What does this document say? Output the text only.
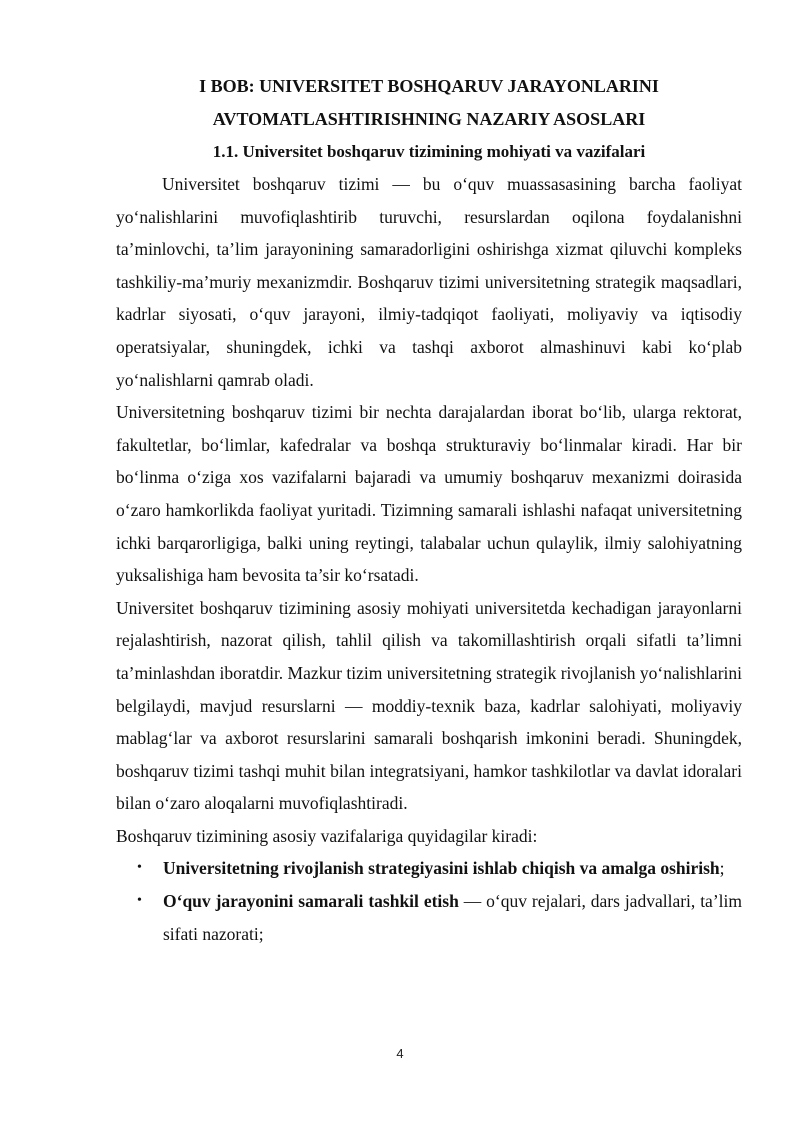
I BOB: UNIVERSITET BOSHQARUV JARAYONLARINI

AVTOMATLASHTIRISHNING NAZARIY ASOSLARI

1.1. Universitet boshqaruv tizimining mohiyati va vazifalari

Universitet boshqaruv tizimi — bu o‘quv muassasasining barcha faoliyat yo‘nalishlarini muvofiqlashtirib turuvchi, resurslardan oqilona foydalanishni ta’minlovchi, ta’lim jarayonining samaradorligini oshirishga xizmat qiluvchi kompleks tashkiliy-ma’muriy mexanizmdir. Boshqaruv tizimi universitetning strategik maqsadlari, kadrlar siyosati, o‘quv jarayoni, ilmiy-tadqiqot faoliyati, moliyaviy va iqtisodiy operatsiyalar, shuningdek, ichki va tashqi axborot almashinuvi kabi ko‘plab yo‘nalishlarni qamrab oladi.

Universitetning boshqaruv tizimi bir nechta darajalardan iborat bo‘lib, ularga rektorat, fakultetlar, bo‘limlar, kafedralar va boshqa strukturaviy bo‘linmalar kiradi. Har bir bo‘linma o‘ziga xos vazifalarni bajaradi va umumiy boshqaruv mexanizmi doirasida o‘zaro hamkorlikda faoliyat yuritadi. Tizimning samarali ishlashi nafaqat universitetning ichki barqarorligiga, balki uning reytingi, talabalar uchun qulaylik, ilmiy salohiyatning yuksalishiga ham bevosita ta’sir ko‘rsatadi.

Universitet boshqaruv tizimining asosiy mohiyati universitetda kechadigan jarayonlarni rejalashtirish, nazorat qilish, tahlil qilish va takomillashtirish orqali sifatli ta’limni ta’minlashdan iboratdir. Mazkur tizim universitetning strategik rivojlanish yo‘nalishlarini belgilaydi, mavjud resurslarni — moddiy-texnik baza, kadrlar salohiyati, moliyaviy mablag‘lar va axborot resurslarini samarali boshqarish imkonini beradi. Shuningdek, boshqaruv tizimi tashqi muhit bilan integratsiyani, hamkor tashkilotlar va davlat idoralari bilan o‘zaro aloqalarni muvofiqlashtiradi.

Boshqaruv tizimining asosiy vazifalariga quyidagilar kiradi:

• Universitetning rivojlanish strategiyasini ishlab chiqish va amalga oshirish;
• O‘quv jarayonini samarali tashkil etish — o‘quv rejalari, dars jadvallari, ta’lim sifati nazorati;
4
